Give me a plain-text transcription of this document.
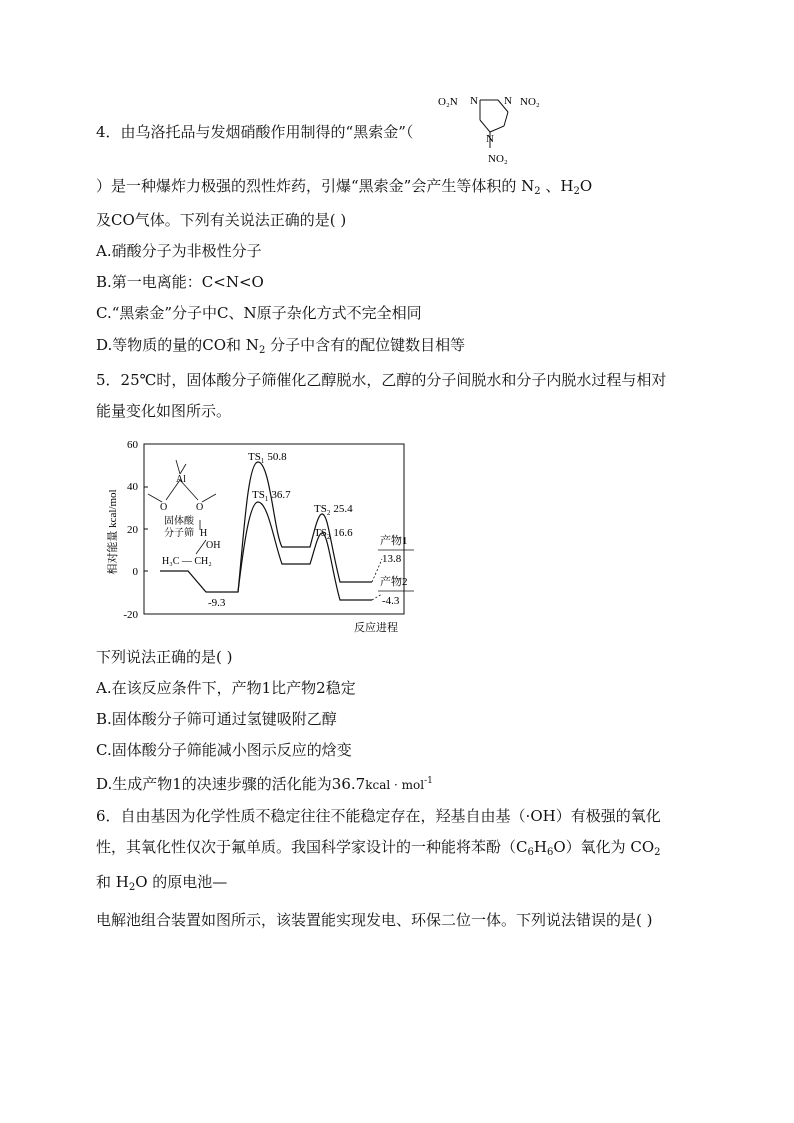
4．由乌洛托品与发烟硝酸作用制得的“黑索金”（
O₂N N N NO₂
N
NO₂
）是一种爆炸力极强的烈性炸药，引爆“黑索金”会产生等体积的 $N_2$ 、$H_2O$
及CO气体。下列有关说法正确的是( )
A.硝酸分子为非极性分子
B.第一电离能：C<N<O
C.“黑索金”分子中C、N原子杂化方式不完全相同
D.等物质的量的CO和 $N_2$ 分子中含有的配位键数目相等
5．25℃时，固体酸分子筛催化乙醇脱水，乙醇的分子间脱水和分子内脱水过程与相对
能量变化如图所示。
60
40
20
0
-20
相对能量 kcal/mol
反应进程
$TS_1$ 50.8
$TS_1$ 36.7
$TS_2$ 25.4
$TS_2$ 16.6
-9.3
产物1
13.8
产物2
-4.3
Al
O	O
固体酸
分子筛 H
OH
H₃C — CH₂
下列说法正确的是( )
A.在该反应条件下，产物1比产物2稳定
B.固体酸分子筛可通过氢键吸附乙醇
C.固体酸分子筛能减小图示反应的焓变
D.生成产物1的决速步骤的活化能为36.7kcal · mol$^{-1}$
6．自由基因为化学性质不稳定往往不能稳定存在，羟基自由基（·OH）有极强的氧化
性，其氧化性仅次于氟单质。我国科学家设计的一种能将苯酚$(C_6H_6O)$氧化为 $CO_2$
和 $H_2O$ 的原电池—
电解池组合装置如图所示，该装置能实现发电、环保二位一体。下列说法错误的是( )
